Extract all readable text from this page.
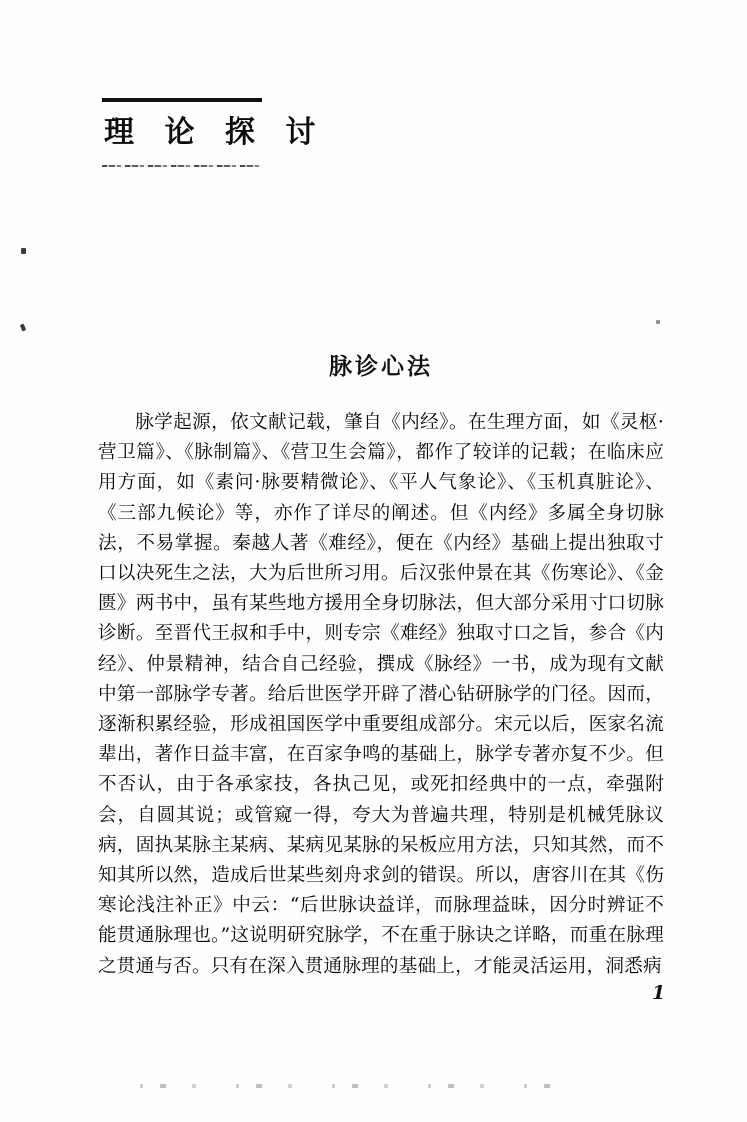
理 论 探 讨
脉诊心法

脉学起源，依文献记载，肇自《内经》。在生理方面，如《灵枢·营卫篇》、《脉制篇》、《营卫生会篇》，都作了较详的记载；在临床应用方面，如《素问·脉要精微论》、《平人气象论》、《玉机真脏论》、《三部九候论》等，亦作了详尽的阐述。但《内经》多属全身切脉法，不易掌握。秦越人著《难经》，便在《内经》基础上提出独取寸口以决死生之法，大为后世所习用。后汉张仲景在其《伤寒论》、《金匮》两书中，虽有某些地方援用全身切脉法，但大部分采用寸口切脉诊断。至晋代王叔和手中，则专宗《难经》独取寸口之旨，参合《内经》、仲景精神，结合自己经验，撰成《脉经》一书，成为现有文献中第一部脉学专著。给后世医学开辟了潜心钻研脉学的门径。因而，逐渐积累经验，形成祖国医学中重要组成部分。宋元以后，医家名流辈出，著作日益丰富，在百家争鸣的基础上，脉学专著亦复不少。但不否认，由于各承家技，各执己见，或死扣经典中的一点，牵强附会，自圆其说；或管窥一得，夸大为普遍共理，特别是机械凭脉议病，固执某脉主某病、某病见某脉的呆板应用方法，只知其然，而不知其所以然，造成后世某些刻舟求剑的错误。所以，唐容川在其《伤寒论浅注补正》中云：“后世脉诀益详，而脉理益昧，因分时辨证不能贯通脉理也。”这说明研究脉学，不在重于脉诀之详略，而重在脉理之贯通与否。只有在深入贯通脉理的基础上，才能灵活运用，洞悉病

1
